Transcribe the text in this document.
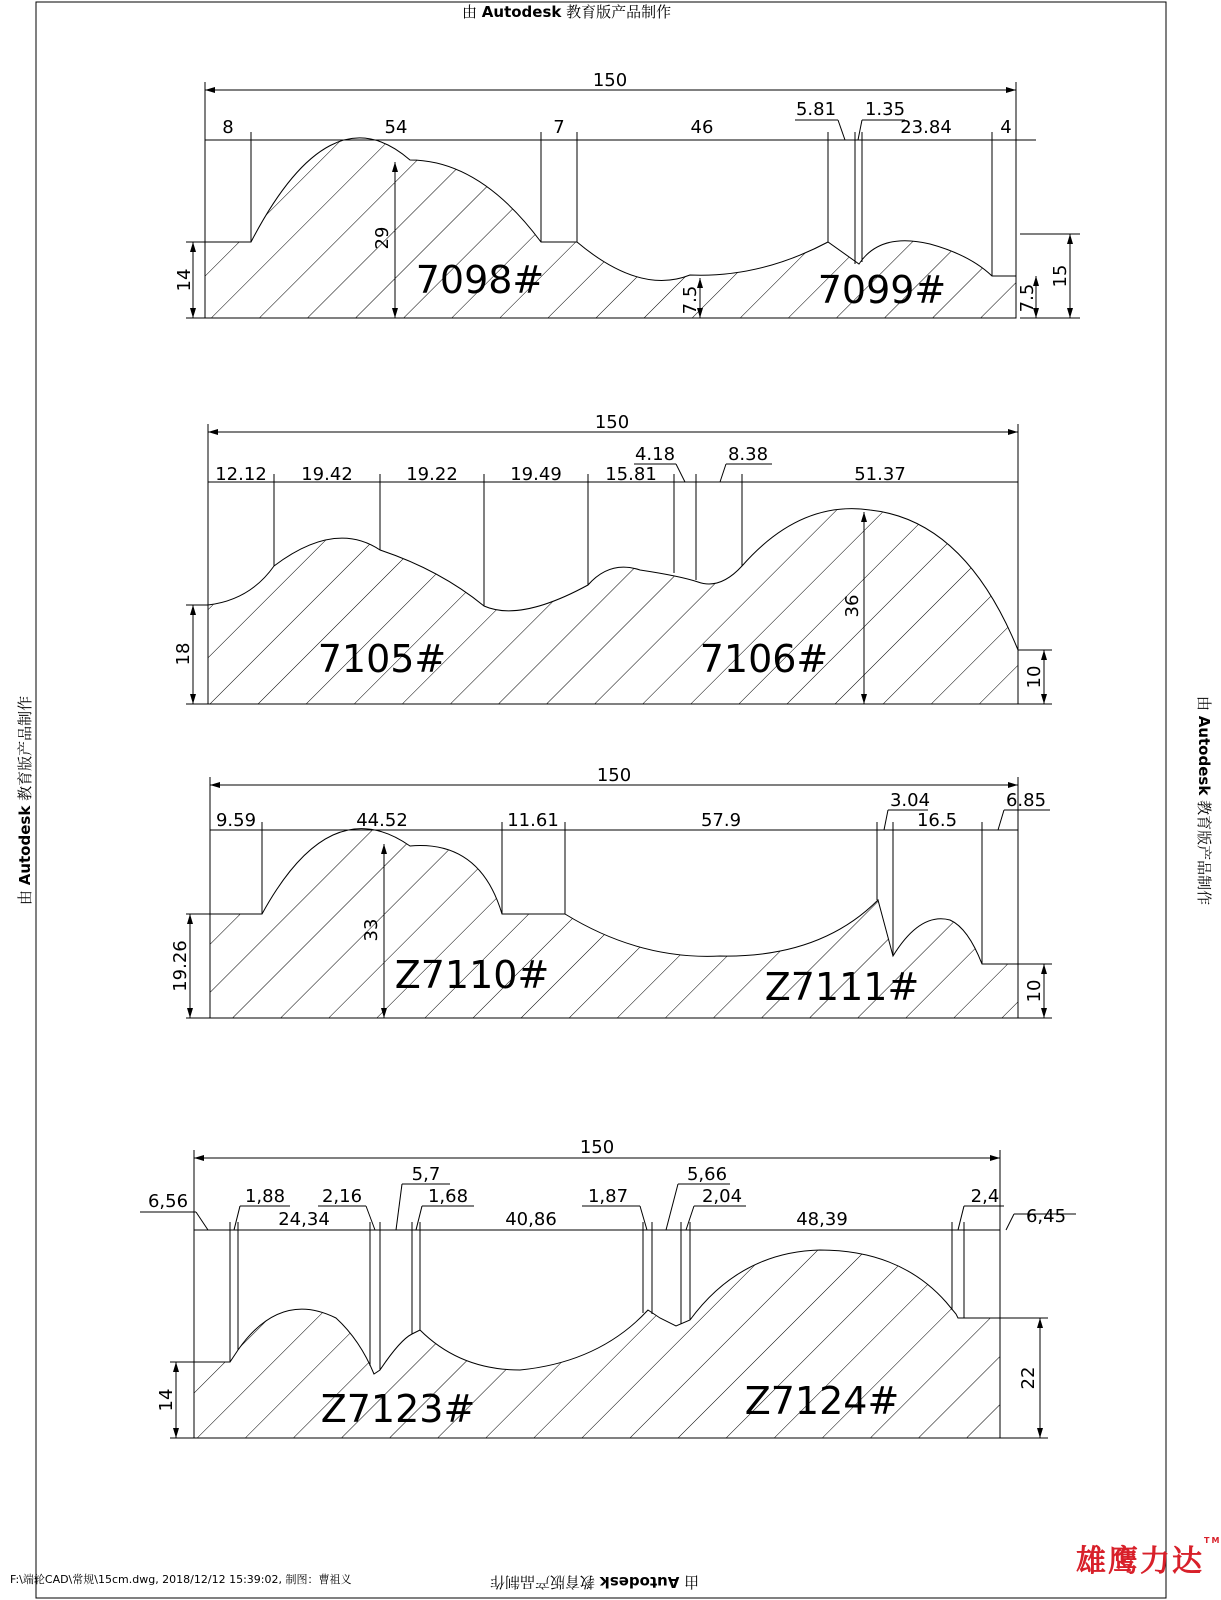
由 Autodesk 教育版产品制作
由 Autodesk 教育版产品制作
由 Autodesk 教育版产品制作	由 Autodesk 教育版产品制作
150
8	54	7	46
5.81 1.35
23.84	4
14
29
7.5	7.5
15
7098#	7099#
150
12.12 19.42	19.22	19.49 15.81
4.18	8.38
51.37
18
36
10
7105#	7106#
150
9.59	44.52	11.61	57.9
3.04
16.5
6.85
19.26
33
10
Z7110#	Z7111#
150
6,56	1,88
24,34
2,16
5,7
1,68
40,86
1,87
5,66
2,04
48,39
2,4
6,45
14
22
Z7123#	Z7124#
F:\端轮CAD\常规\15cm.dwg, 2018/12/12 15:39:02, 制图：曹祖义
雄鹰力达™
